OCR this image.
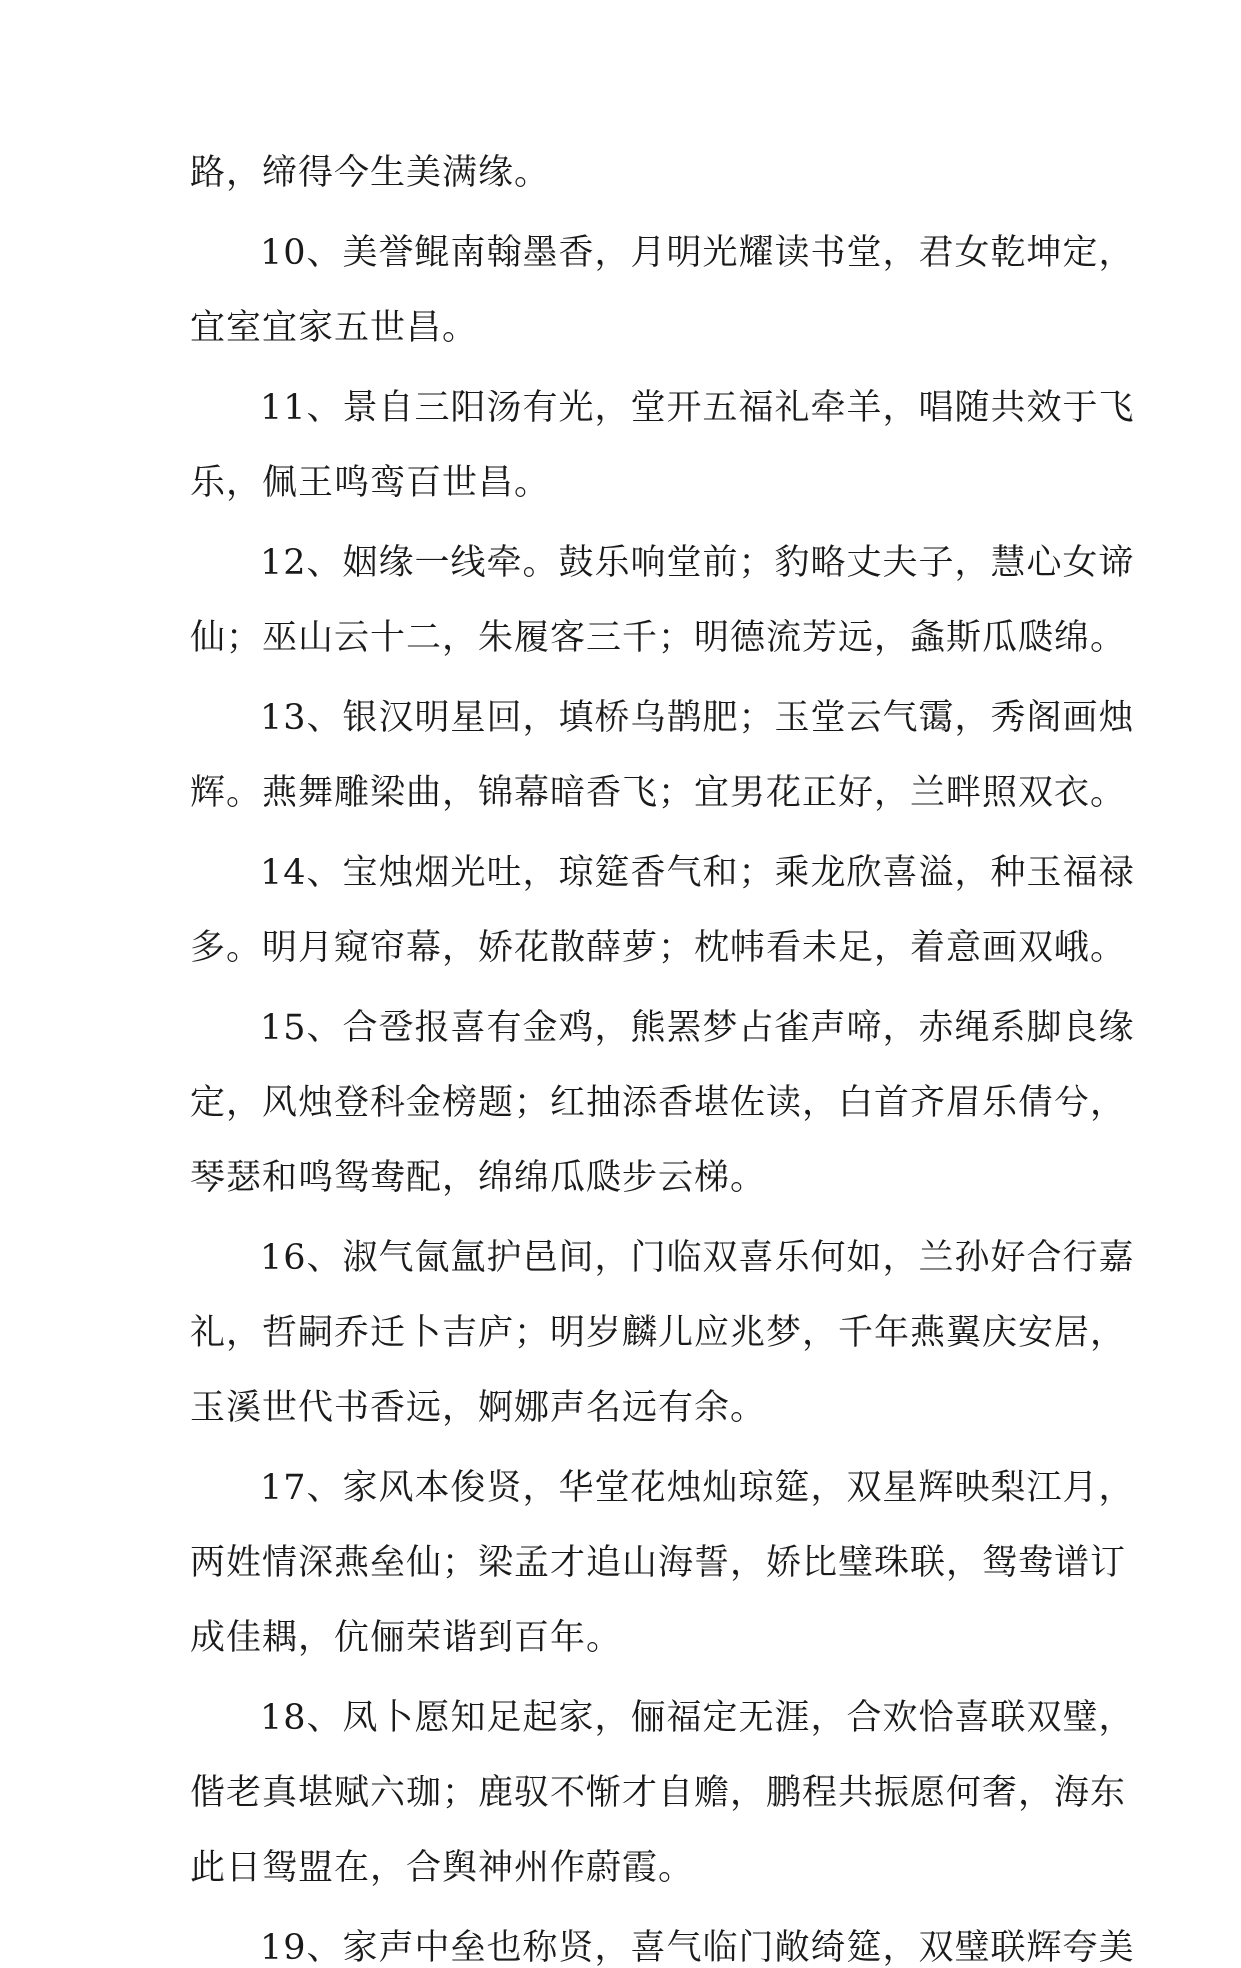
路，缔得今生美满缘。
10、美誉鲲南翰墨香，月明光耀读书堂，君女乾坤定，
宜室宜家五世昌。
11、景自三阳汤有光，堂开五福礼牵羊，唱随共效于飞
乐，佩王鸣鸾百世昌。
12、姻缘一线牵。鼓乐响堂前；豹略丈夫子，慧心女谛
仙；巫山云十二，朱履客三千；明德流芳远，螽斯瓜瓞绵。
13、银汉明星回，填桥乌鹊肥；玉堂云气霭，秀阁画烛
辉。燕舞雕梁曲，锦幕暗香飞；宜男花正好，兰畔照双衣。
14、宝烛烟光吐，琼筵香气和；乘龙欣喜溢，种玉福禄
多。明月窥帘幕，娇花散薛萝；枕帏看未足，着意画双峨。
15、合卺报喜有金鸡，熊罴梦占雀声啼，赤绳系脚良缘
定，风烛登科金榜题；红抽添香堪佐读，白首齐眉乐倩兮，
琴瑟和鸣鸳鸯配，绵绵瓜瓞步云梯。
16、淑气氤氲护邑间，门临双喜乐何如，兰孙好合行嘉
礼，哲嗣乔迁卜吉庐；明岁麟儿应兆梦，千年燕翼庆安居，
玉溪世代书香远，婀娜声名远有余。
17、家风本俊贤，华堂花烛灿琼筵，双星辉映梨江月，
两姓情深燕垒仙；梁孟才追山海誓，娇比璧珠联，鸳鸯谱订
成佳耦，伉俪荣谐到百年。
18、凤卜愿知足起家，俪福定无涯，合欢恰喜联双璧，
偕老真堪赋六珈；鹿驭不惭才自赡，鹏程共振愿何奢，海东
此日鸳盟在，合舆神州作蔚霞。
19、家声中垒也称贤，喜气临门敞绮筵，双璧联辉夸美
